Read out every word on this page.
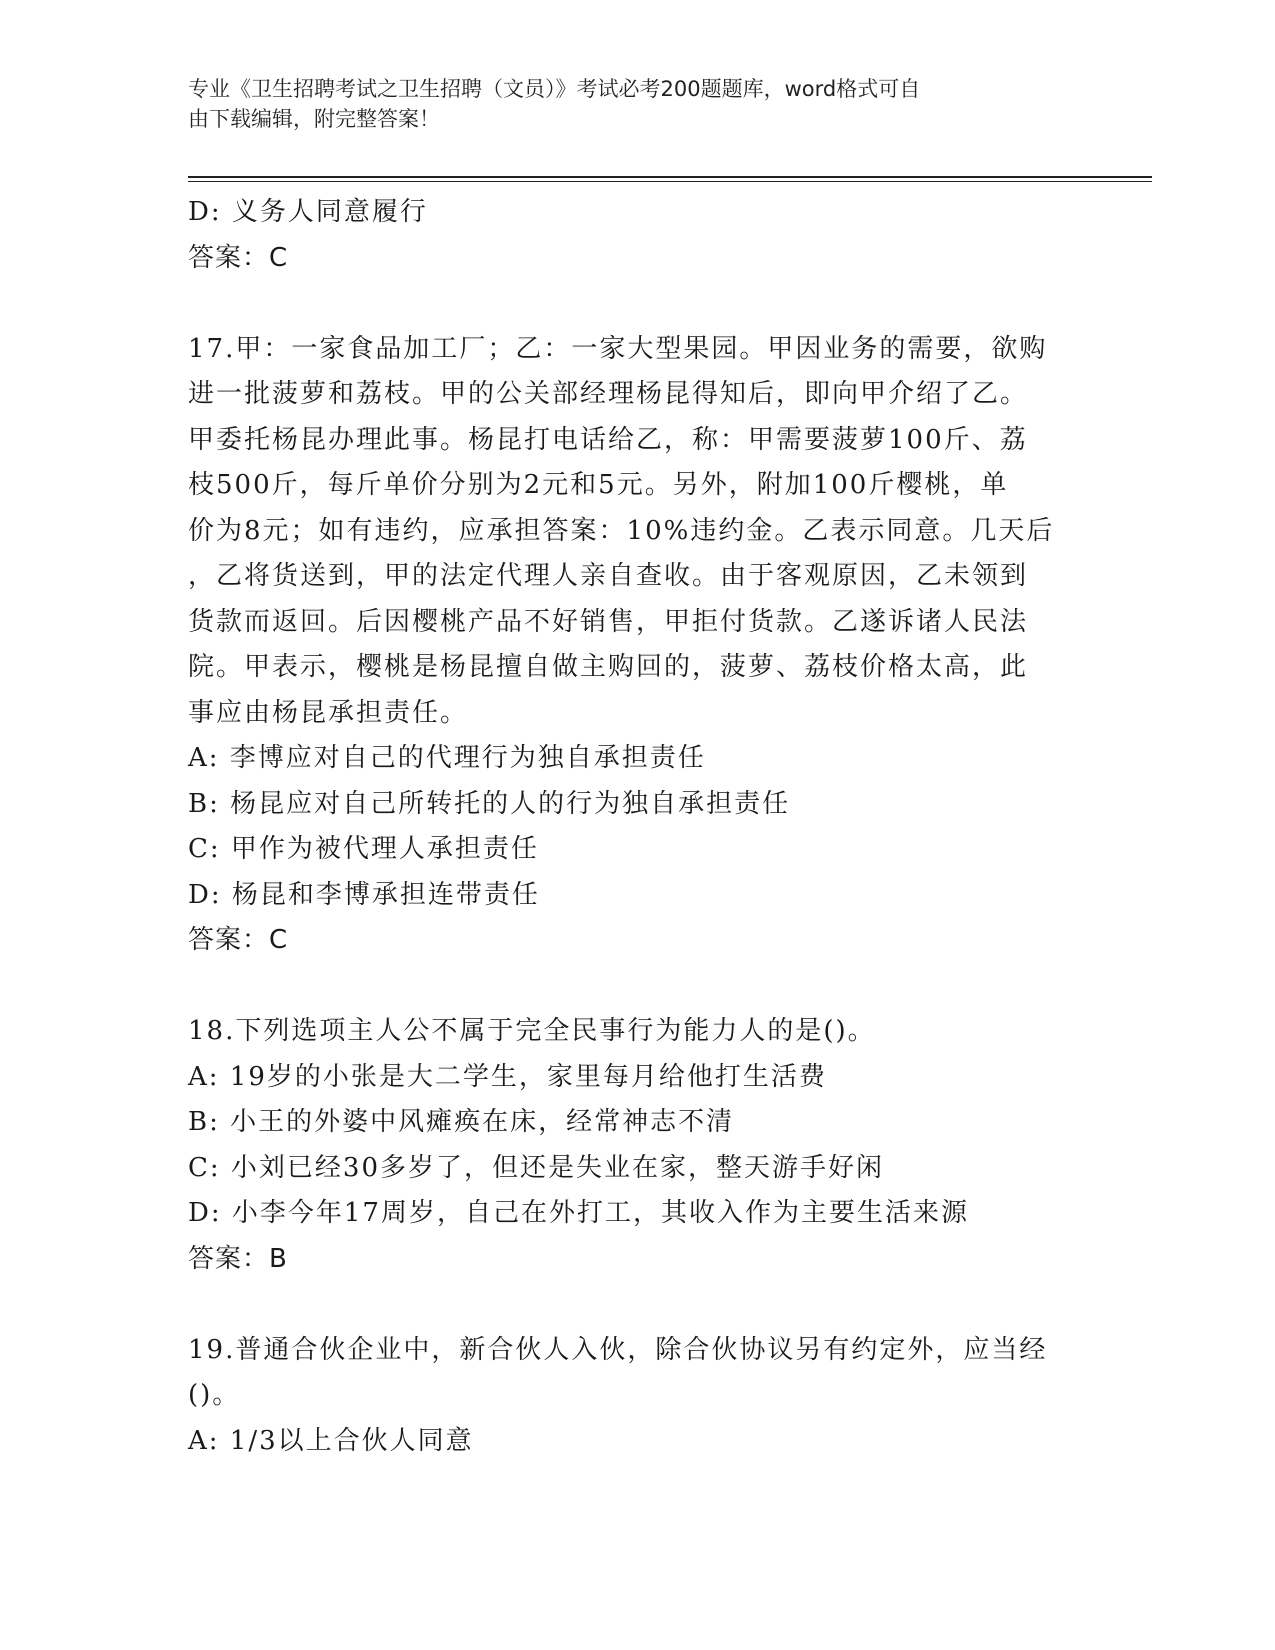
专业《卫生招聘考试之卫生招聘（文员）》考试必考200题题库，word格式可自
由下载编辑，附完整答案！
D: 义务人同意履行
答案：C
17.甲：一家食品加工厂；乙：一家大型果园。甲因业务的需要，欲购
进一批菠萝和荔枝。甲的公关部经理杨昆得知后，即向甲介绍了乙。
甲委托杨昆办理此事。杨昆打电话给乙，称：甲需要菠萝100斤、荔
枝500斤，每斤单价分别为2元和5元。另外，附加100斤樱桃，单
价为8元；如有违约，应承担答案：10%违约金。乙表示同意。几天后
，乙将货送到，甲的法定代理人亲自查收。由于客观原因，乙未领到
货款而返回。后因樱桃产品不好销售，甲拒付货款。乙遂诉诸人民法
院。甲表示，樱桃是杨昆擅自做主购回的，菠萝、荔枝价格太高，此
事应由杨昆承担责任。
A: 李博应对自己的代理行为独自承担责任
B: 杨昆应对自己所转托的人的行为独自承担责任
C: 甲作为被代理人承担责任
D: 杨昆和李博承担连带责任
答案：C
18.下列选项主人公不属于完全民事行为能力人的是()。
A: 19岁的小张是大二学生，家里每月给他打生活费
B: 小王的外婆中风瘫痪在床，经常神志不清
C: 小刘已经30多岁了，但还是失业在家，整天游手好闲
D: 小李今年17周岁，自己在外打工，其收入作为主要生活来源
答案：B
19.普通合伙企业中，新合伙人入伙，除合伙协议另有约定外，应当经
()。
A: 1/3以上合伙人同意
